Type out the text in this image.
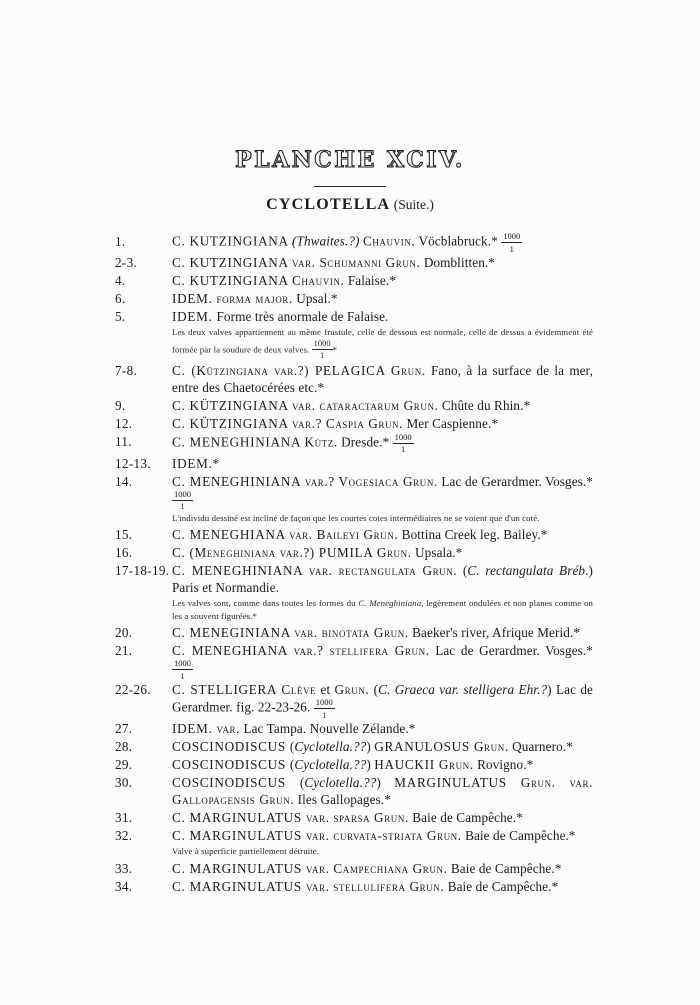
PLANCHE XCIV.
CYCLOTELLA (Suite.)
1.	C. KUTZINGIANA (Thwaites.?) Chauvin. Vöcblabruck.* $\frac{1000}{1}$
2-3.	C. KUTZINGIANA var. Schumanni Grun. Domblitten.*
4.	C. KUTZINGIANA Chauvin. Falaise.*
6.	IDEM. forma major. Upsal.*
5.	IDEM. Forme très anormale de Falaise.
Les deux valves appartiennent au même frustule, celle de dessous est normale, celle de dessus a évidemment été formée par la soudure de deux valves. $\frac{1000}{1}$ *
7-8.	C. (Kützingiana var.?) PELAGICA Grun. Fano, à la surface de la mer, entre des Chaetocérées etc.*
9.	C. KÜTZINGIANA var. cataractarum Grun. Chûte du Rhin.*
12.	C. KÜTZINGIANA var.? Caspia Grun. Mer Caspienne.*
11.	C. MENEGHINIANA Kütz. Dresde.* $\frac{1000}{1}$
12-13. IDEM.*
14.	C. MENEGHINIANA var.? Vogesiaca Grun. Lac de Gerardmer. Vosges.*
$\frac{1000}{1}$
L'individu dessiné est incliné de façon que les courtes cotes intermédiaires ne se voient que d'un coté.
15.	C. MENEGHIANA var. Baileyi Grun. Bottina Creek leg. Bailey.*
16.	C. (Meneghiniana var.?) PUMILA Grun. Upsala.*
17-18-19. C. MENEGHINIANA var. rectangulata Grun. (C. rectangulata Bréb.) Paris et Normandie.
Les valves sont, comme dans toutes les formes du C. Meneghiniana, legèrement ondulées et non planes comme on les a souvent figurées.*
20.	C. MENEGINIANA var. binotata Grun. Baeker's river, Afrique Merid.*
21.	C. MENEGHIANA var.? stellifera Grun. Lac de Gerardmer. Vosges.*
$\frac{1000}{1}$
22-26. C. STELLIGERA Clève et Grun. (C. Graeca var. stelligera Ehr.?) Lac de Gerardmer. fig. 22-23-26. $\frac{1000}{1}$
27.	IDEM. var. Lac Tampa. Nouvelle Zélande.*
28.	COSCINODISCUS (Cyclotella.??) GRANULOSUS Grun. Quarnero.*
29.	COSCINODISCUS (Cyclotella.??) HAUCKII Grun. Rovigno.*
30.	COSCINODISCUS (Cyclotella.??) MARGINULATUS Grun. var. Gallopagensis Grun. Iles Gallopages.*
31.	C. MARGINULATUS var. sparsa Grun. Baie de Campêche.*
32.	C. MARGINULATUS var. curvata-striata Grun. Baie de Campêche.*
Valve à superficie partiellement détruite.
33.	C. MARGINULATUS var. Campechiana Grun. Baie de Campêche.*
34.	C. MARGINULATUS var. stellulifera Grun. Baie de Campêche.*
